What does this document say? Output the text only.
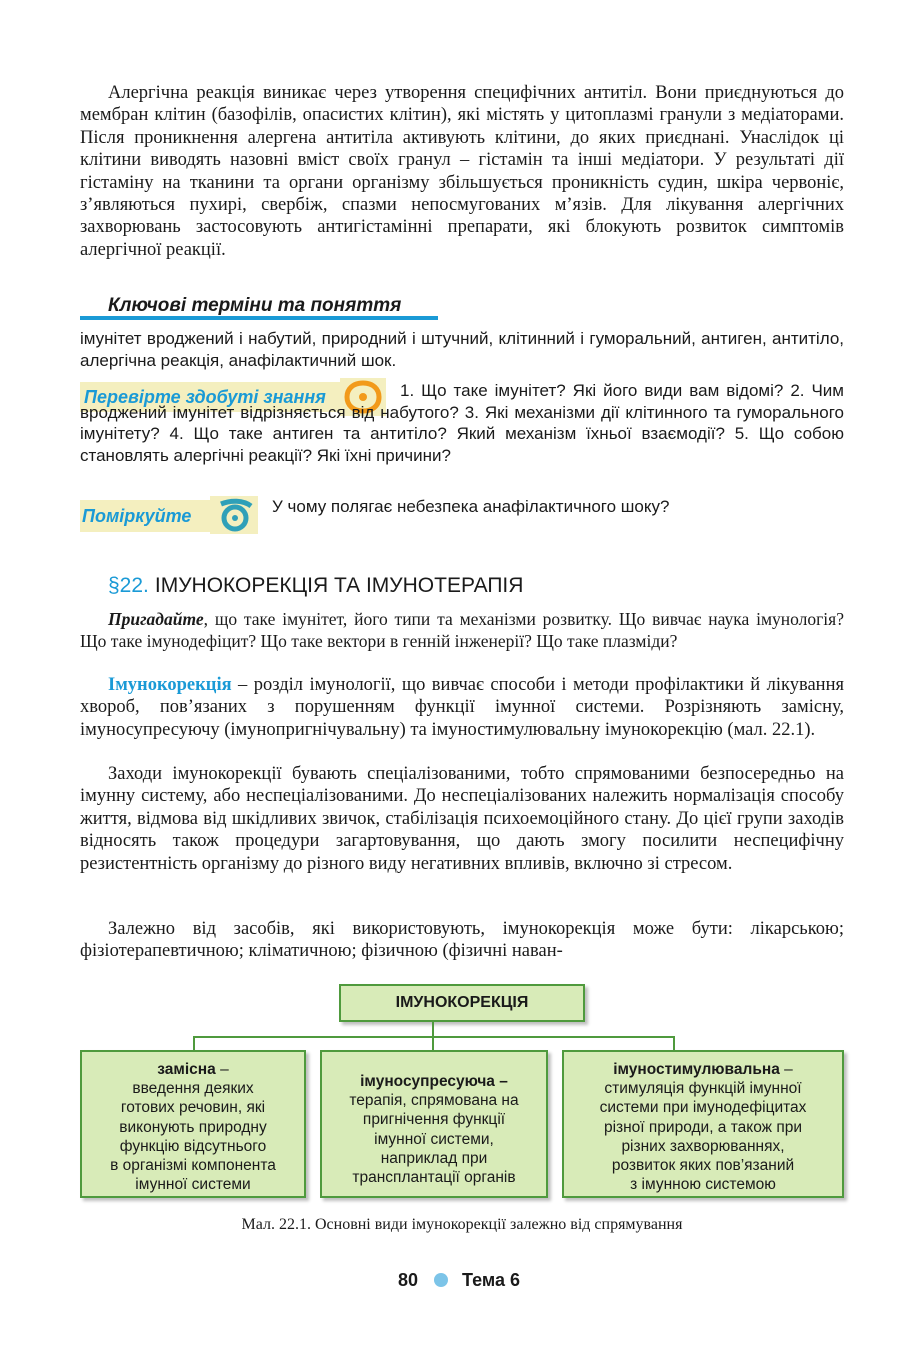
Алергічна реакція виникає через утворення специфічних антитіл. Вони приєднуються до мембран клітин (базофілів, опасистих клітин), які містять у цитоплазмі гранули з медіаторами. Після проникнення алергена антитіла активують клітини, до яких приєднані. Унаслідок ці клітини виводять назовні вміст своїх гранул – гістамін та інші медіатори. У результаті дії гістаміну на тканини та органи організму збільшується проникність судин, шкіра червоніє, з’являються пухирі, свербіж, спазми непосмугованих м’язів. Для лікування алергічних захворювань застосовують антигістамінні препарати, які блокують розвиток симптомів алергічної реакції.

Ключові терміни та поняття

імунітет вроджений і набутий, природний і штучний, клітинний і гуморальний, антиген, антитіло, алергічна реакція, анафілактичний шок.

Перевірте здобуті знання	1. Що таке імунітет? Які його види вам відомі? 2. Чим вроджений імунітет відрізняється від набутого? 3. Які механізми дії клітинного та гуморального імунітету? 4. Що таке антиген та антитіло? Який механізм їхньої взаємодії? 5. Що собою становлять алергічні реакції? Які їхні причини?

Поміркуйте	У чому полягає небезпека анафілактичного шоку?

§22. ІМУНОКОРЕКЦІЯ ТА ІМУНОТЕРАПІЯ

Пригадайте, що таке імунітет, його типи та механізми розвитку. Що вивчає наука імунологія? Що таке імунодефіцит? Що таке вектори в генній інженерії? Що таке плазміди?

Імунокорекція – розділ імунології, що вивчає способи і методи профілактики й лікування хвороб, пов’язаних з порушенням функції імунної системи. Розрізняють замісну, імуносупресуючу (імунопригнічувальну) та імуностимулювальну імунокорекцію (мал. 22.1).

Заходи імунокорекції бувають спеціалізованими, тобто спрямованими безпосередньо на імунну систему, або неспеціалізованими. До неспеціалізованих належить нормалізація способу життя, відмова від шкідливих звичок, стабілізація психоемоційного стану. До цієї групи заходів відносять також процедури загартовування, що дають змогу посилити неспецифічну резистентність організму до різного виду негативних впливів, включно зі стресом.

Залежно від засобів, які використовують, імунокорекція може бути: лікарською; фізіотерапевтичною; кліматичною; фізичною (фізичні наван-

ІМУНОКОРЕКЦІЯ
замісна –
введення деяких
готових речовин, які
виконують природну
функцію відсутнього
в організмі компонента
імунної системи
імуносупресуюча –
терапія, спрямована на
пригнічення функції
імунної системи,
наприклад при
трансплантації органів
імуностимулювальна –
стимуляція функцій імунної
системи при імунодефіцитах
різної природи, а також при
різних захворюваннях,
розвиток яких пов’язаний
з імунною системою
Мал. 22.1. Основні види імунокорекції залежно від спрямування
80 Тема 6
